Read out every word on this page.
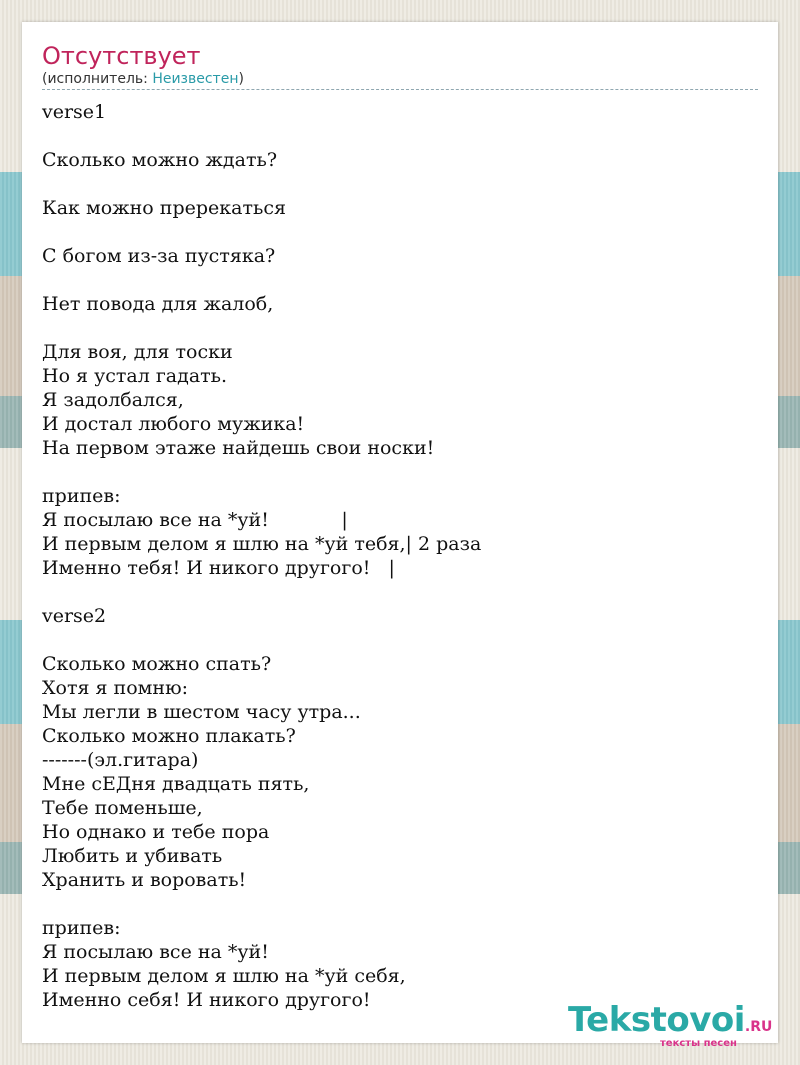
Отсутствует
(исполнитель: Неизвестен)
verse1

Сколько можно ждать?

Как можно пререкаться

С богом из-за пустяка?

Нет повода для жалоб,

Для воя, для тоски
Но я устал гадать.
Я задолбался,
И достал любого мужика!
На первом этаже найдешь свои носки!

припев:
Я посылаю все на *уй!            |
И первым делом я шлю на *уй тебя,| 2 раза
Именно тебя! И никого другого!   |

verse2

Сколько можно спать?
Хотя я помню:
Мы легли в шестом часу утра...
Сколько можно плакать?
-------(эл.гитара)
Мне сЕДня двадцать пять,
Тебе поменьше,
Но однако и тебе пора
Любить и убивать
Хранить и воровать!

припев:
Я посылаю все на *уй!
И первым делом я шлю на *уй себя,
Именно себя! И никого другого!	Tekstovoi.RU
тексты песен
